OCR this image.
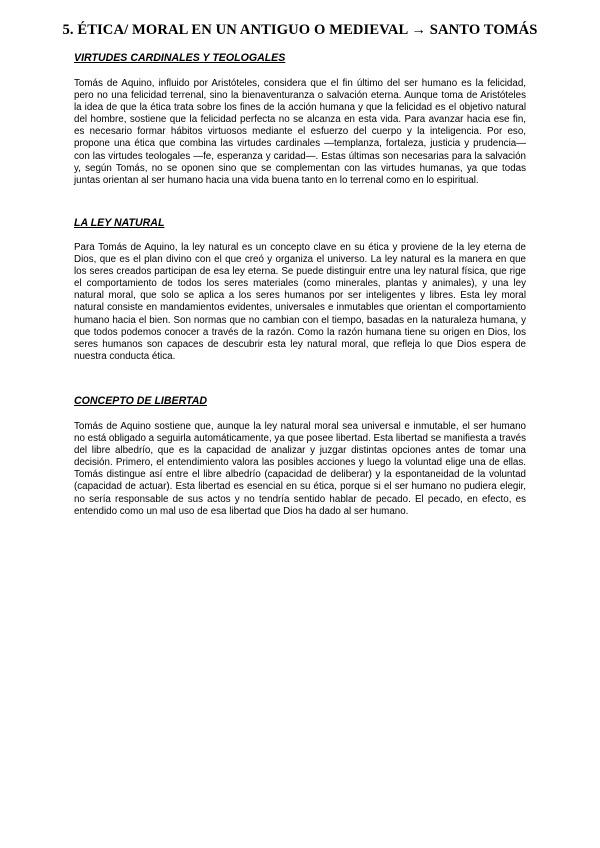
5. ÉTICA/ MORAL EN UN ANTIGUO O MEDIEVAL → SANTO TOMÁS
VIRTUDES CARDINALES Y TEOLOGALES

Tomás de Aquino, influido por Aristóteles, considera que el fin último del ser humano es la felicidad, pero no una felicidad terrenal, sino la bienaventuranza o salvación eterna. Aunque toma de Aristóteles la idea de que la ética trata sobre los fines de la acción humana y que la felicidad es el objetivo natural del hombre, sostiene que la felicidad perfecta no se alcanza en esta vida. Para avanzar hacia ese fin, es necesario formar hábitos virtuosos mediante el esfuerzo del cuerpo y la inteligencia. Por eso, propone una ética que combina las virtudes cardinales —templanza, fortaleza, justicia y prudencia— con las virtudes teologales —fe, esperanza y caridad—. Estas últimas son necesarias para la salvación y, según Tomás, no se oponen sino que se complementan con las virtudes humanas, ya que todas juntas orientan al ser humano hacia una vida buena tanto en lo terrenal como en lo espiritual.

LA LEY NATURAL

Para Tomás de Aquino, la ley natural es un concepto clave en su ética y proviene de la ley eterna de Dios, que es el plan divino con el que creó y organiza el universo. La ley natural es la manera en que los seres creados participan de esa ley eterna. Se puede distinguir entre una ley natural física, que rige el comportamiento de todos los seres materiales (como minerales, plantas y animales), y una ley natural moral, que solo se aplica a los seres humanos por ser inteligentes y libres. Esta ley moral natural consiste en mandamientos evidentes, universales e inmutables que orientan el comportamiento humano hacia el bien. Son normas que no cambian con el tiempo, basadas en la naturaleza humana, y que todos podemos conocer a través de la razón. Como la razón humana tiene su origen en Dios, los seres humanos son capaces de descubrir esta ley natural moral, que refleja lo que Dios espera de nuestra conducta ética.

CONCEPTO DE LIBERTAD

Tomás de Aquino sostiene que, aunque la ley natural moral sea universal e inmutable, el ser humano no está obligado a seguirla automáticamente, ya que posee libertad. Esta libertad se manifiesta a través del libre albedrío, que es la capacidad de analizar y juzgar distintas opciones antes de tomar una decisión. Primero, el entendimiento valora las posibles acciones y luego la voluntad elige una de ellas. Tomás distingue así entre el libre albedrío (capacidad de deliberar) y la espontaneidad de la voluntad (capacidad de actuar). Esta libertad es esencial en su ética, porque si el ser humano no pudiera elegir, no sería responsable de sus actos y no tendría sentido hablar de pecado. El pecado, en efecto, es entendido como un mal uso de esa libertad que Dios ha dado al ser humano.
